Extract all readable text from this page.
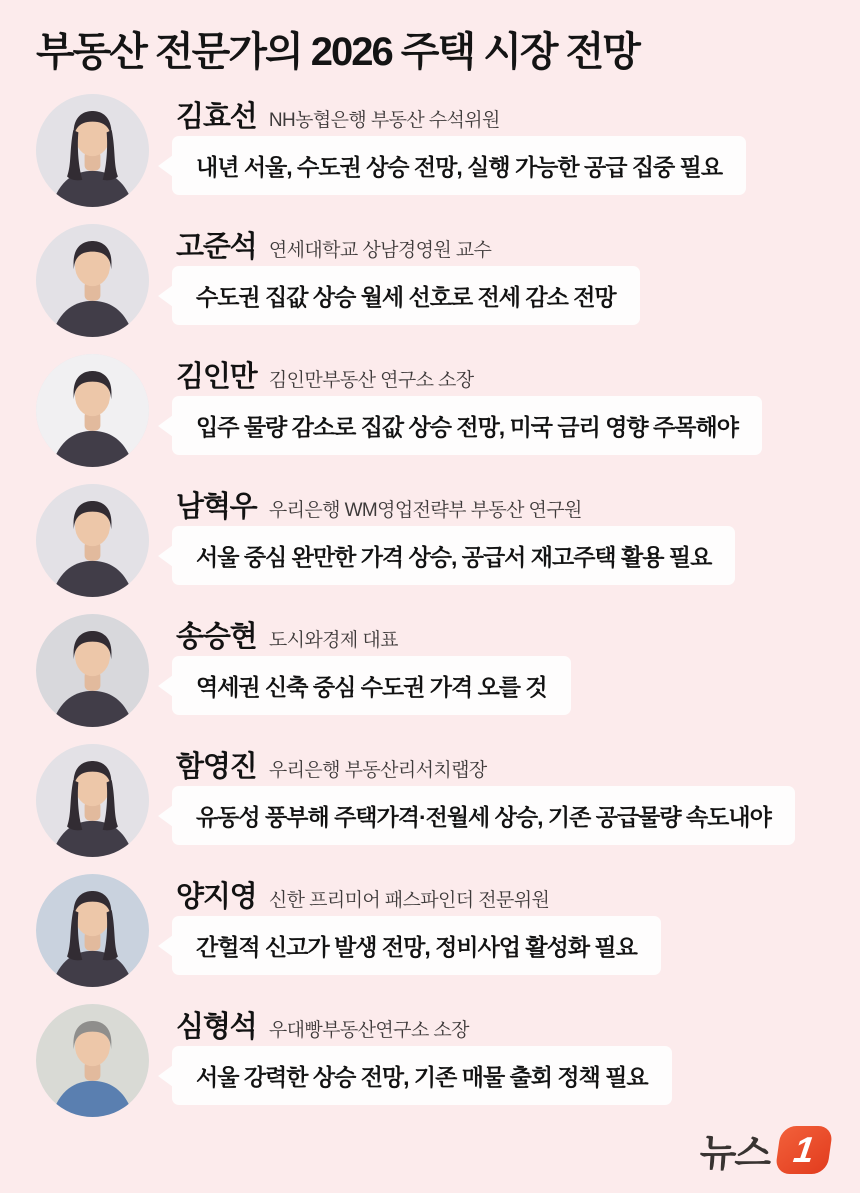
부동산 전문가의 2026 주택 시장 전망
김효선 NH농협은행 부동산 수석위원
내년 서울, 수도권 상승 전망, 실행 가능한 공급 집중 필요
고준석 연세대학교 상남경영원 교수
수도권 집값 상승 월세 선호로 전세 감소 전망
김인만 김인만부동산 연구소 소장
입주 물량 감소로 집값 상승 전망, 미국 금리 영향 주목해야
남혁우 우리은행 WM영업전략부 부동산 연구원
서울 중심 완만한 가격 상승, 공급서 재고주택 활용 필요
송승현 도시와경제 대표
역세권 신축 중심 수도권 가격 오를 것
함영진 우리은행 부동산리서치랩장
유동성 풍부해 주택가격·전월세 상승, 기존 공급물량 속도내야
양지영 신한 프리미어 패스파인더 전문위원
간헐적 신고가 발생 전망, 정비사업 활성화 필요
심형석 우대빵부동산연구소 소장
서울 강력한 상승 전망, 기존 매물 출회 정책 필요
뉴스 1
